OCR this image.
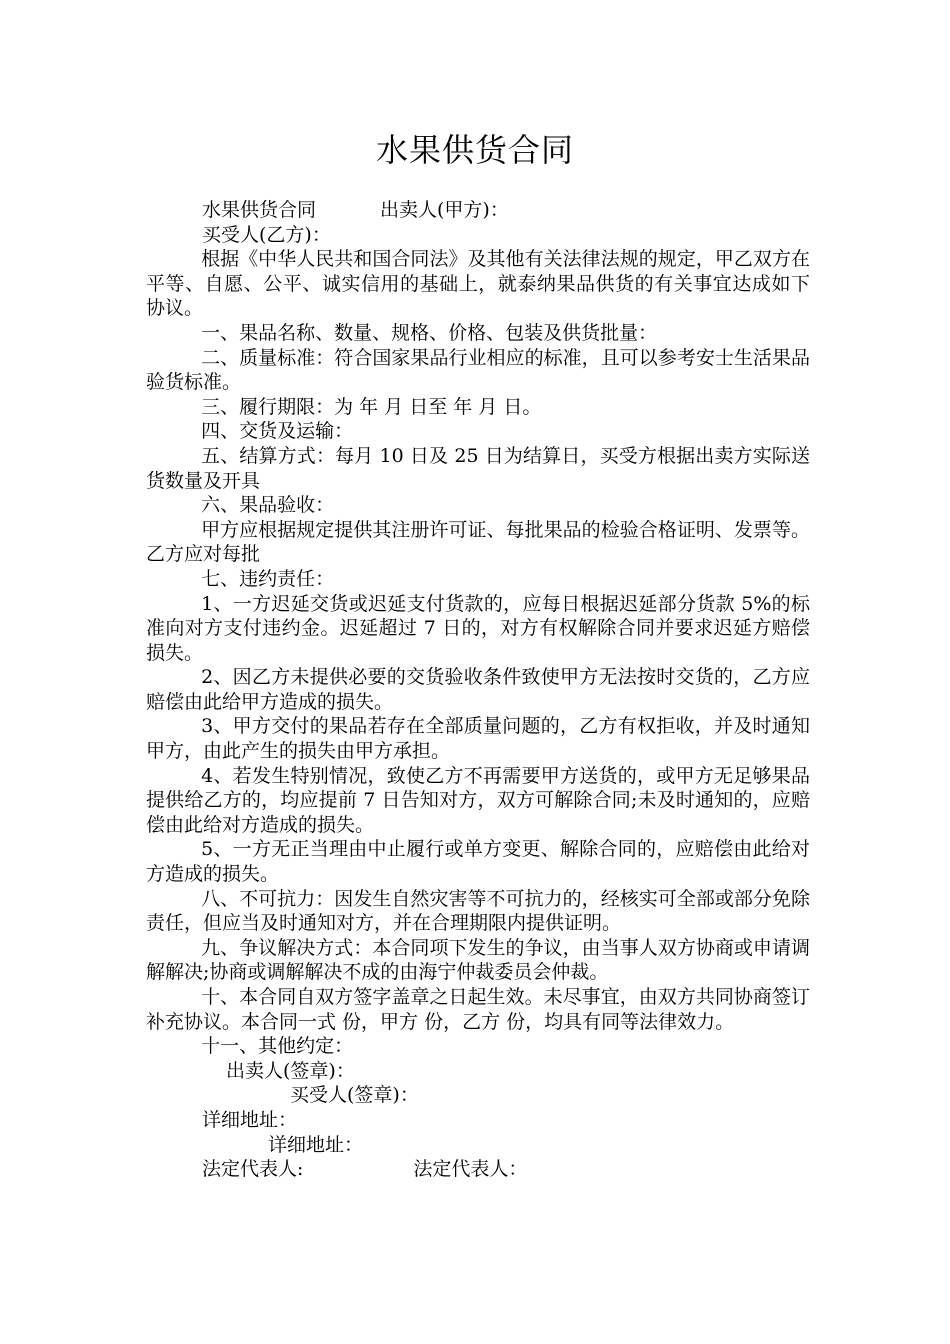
水果供货合同

水果供货合同	出卖人(甲方)：

买受人(乙方)：

根据《中华人民共和国合同法》及其他有关法律法规的规定，甲乙双方在平等、自愿、公平、诚实信用的基础上，就泰纳果品供货的有关事宜达成如下协议。

一、果品名称、数量、规格、价格、包装及供货批量：

二、质量标准：符合国家果品行业相应的标准，且可以参考安士生活果品验货标准。

三、履行期限：为 年 月 日至 年 月 日。

四、交货及运输：

五、结算方式：每月 10 日及 25 日为结算日，买受方根据出卖方实际送货数量及开具

六、果品验收：

甲方应根据规定提供其注册许可证、每批果品的检验合格证明、发票等。乙方应对每批

七、违约责任：

1、一方迟延交货或迟延支付货款的，应每日根据迟延部分货款 5%的标准向对方支付违约金。迟延超过 7 日的，对方有权解除合同并要求迟延方赔偿损失。

2、因乙方未提供必要的交货验收条件致使甲方无法按时交货的，乙方应赔偿由此给甲方造成的损失。

3、甲方交付的果品若存在全部质量问题的，乙方有权拒收，并及时通知甲方，由此产生的损失由甲方承担。

4、若发生特别情况，致使乙方不再需要甲方送货的，或甲方无足够果品提供给乙方的，均应提前 7 日告知对方，双方可解除合同;未及时通知的，应赔偿由此给对方造成的损失。

5、一方无正当理由中止履行或单方变更、解除合同的，应赔偿由此给对方造成的损失。

八、不可抗力：因发生自然灾害等不可抗力的，经核实可全部或部分免除责任，但应当及时通知对方，并在合理期限内提供证明。

九、争议解决方式：本合同项下发生的争议，由当事人双方协商或申请调解解决;协商或调解解决不成的由海宁仲裁委员会仲裁。

十、本合同自双方签字盖章之日起生效。未尽事宜，由双方共同协商签订补充协议。本合同一式 份，甲方 份，乙方 份，均具有同等法律效力。

十一、其他约定：

出卖人(签章)：

买受人(签章)：

详细地址：

详细地址：

法定代表人:	法定代表人：
